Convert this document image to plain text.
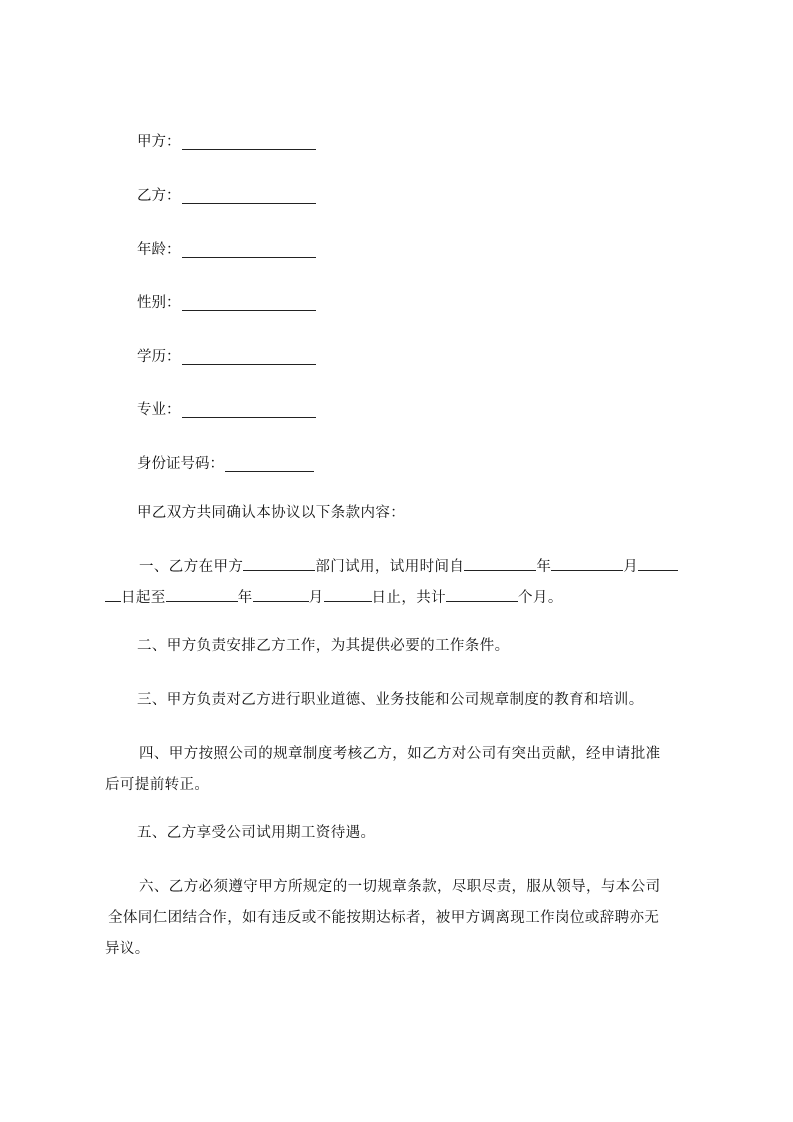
甲方：
乙方：
年龄：
性别：
学历：
专业：
身份证号码：
甲乙双方共同确认本协议以下条款内容：
一、乙方在甲方	部门试用，试用时间自	年	月
日起至	年	月	日止，共计	个月。
二、甲方负责安排乙方工作，为其提供必要的工作条件。
三、甲方负责对乙方进行职业道德、业务技能和公司规章制度的教育和培训。
四、甲方按照公司的规章制度考核乙方，如乙方对公司有突出贡献，经申请批准
后可提前转正。
五、乙方享受公司试用期工资待遇。
六、乙方必须遵守甲方所规定的一切规章条款，尽职尽责，服从领导，与本公司
全体同仁团结合作，如有违反或不能按期达标者，被甲方调离现工作岗位或辞聘亦无
异议。
